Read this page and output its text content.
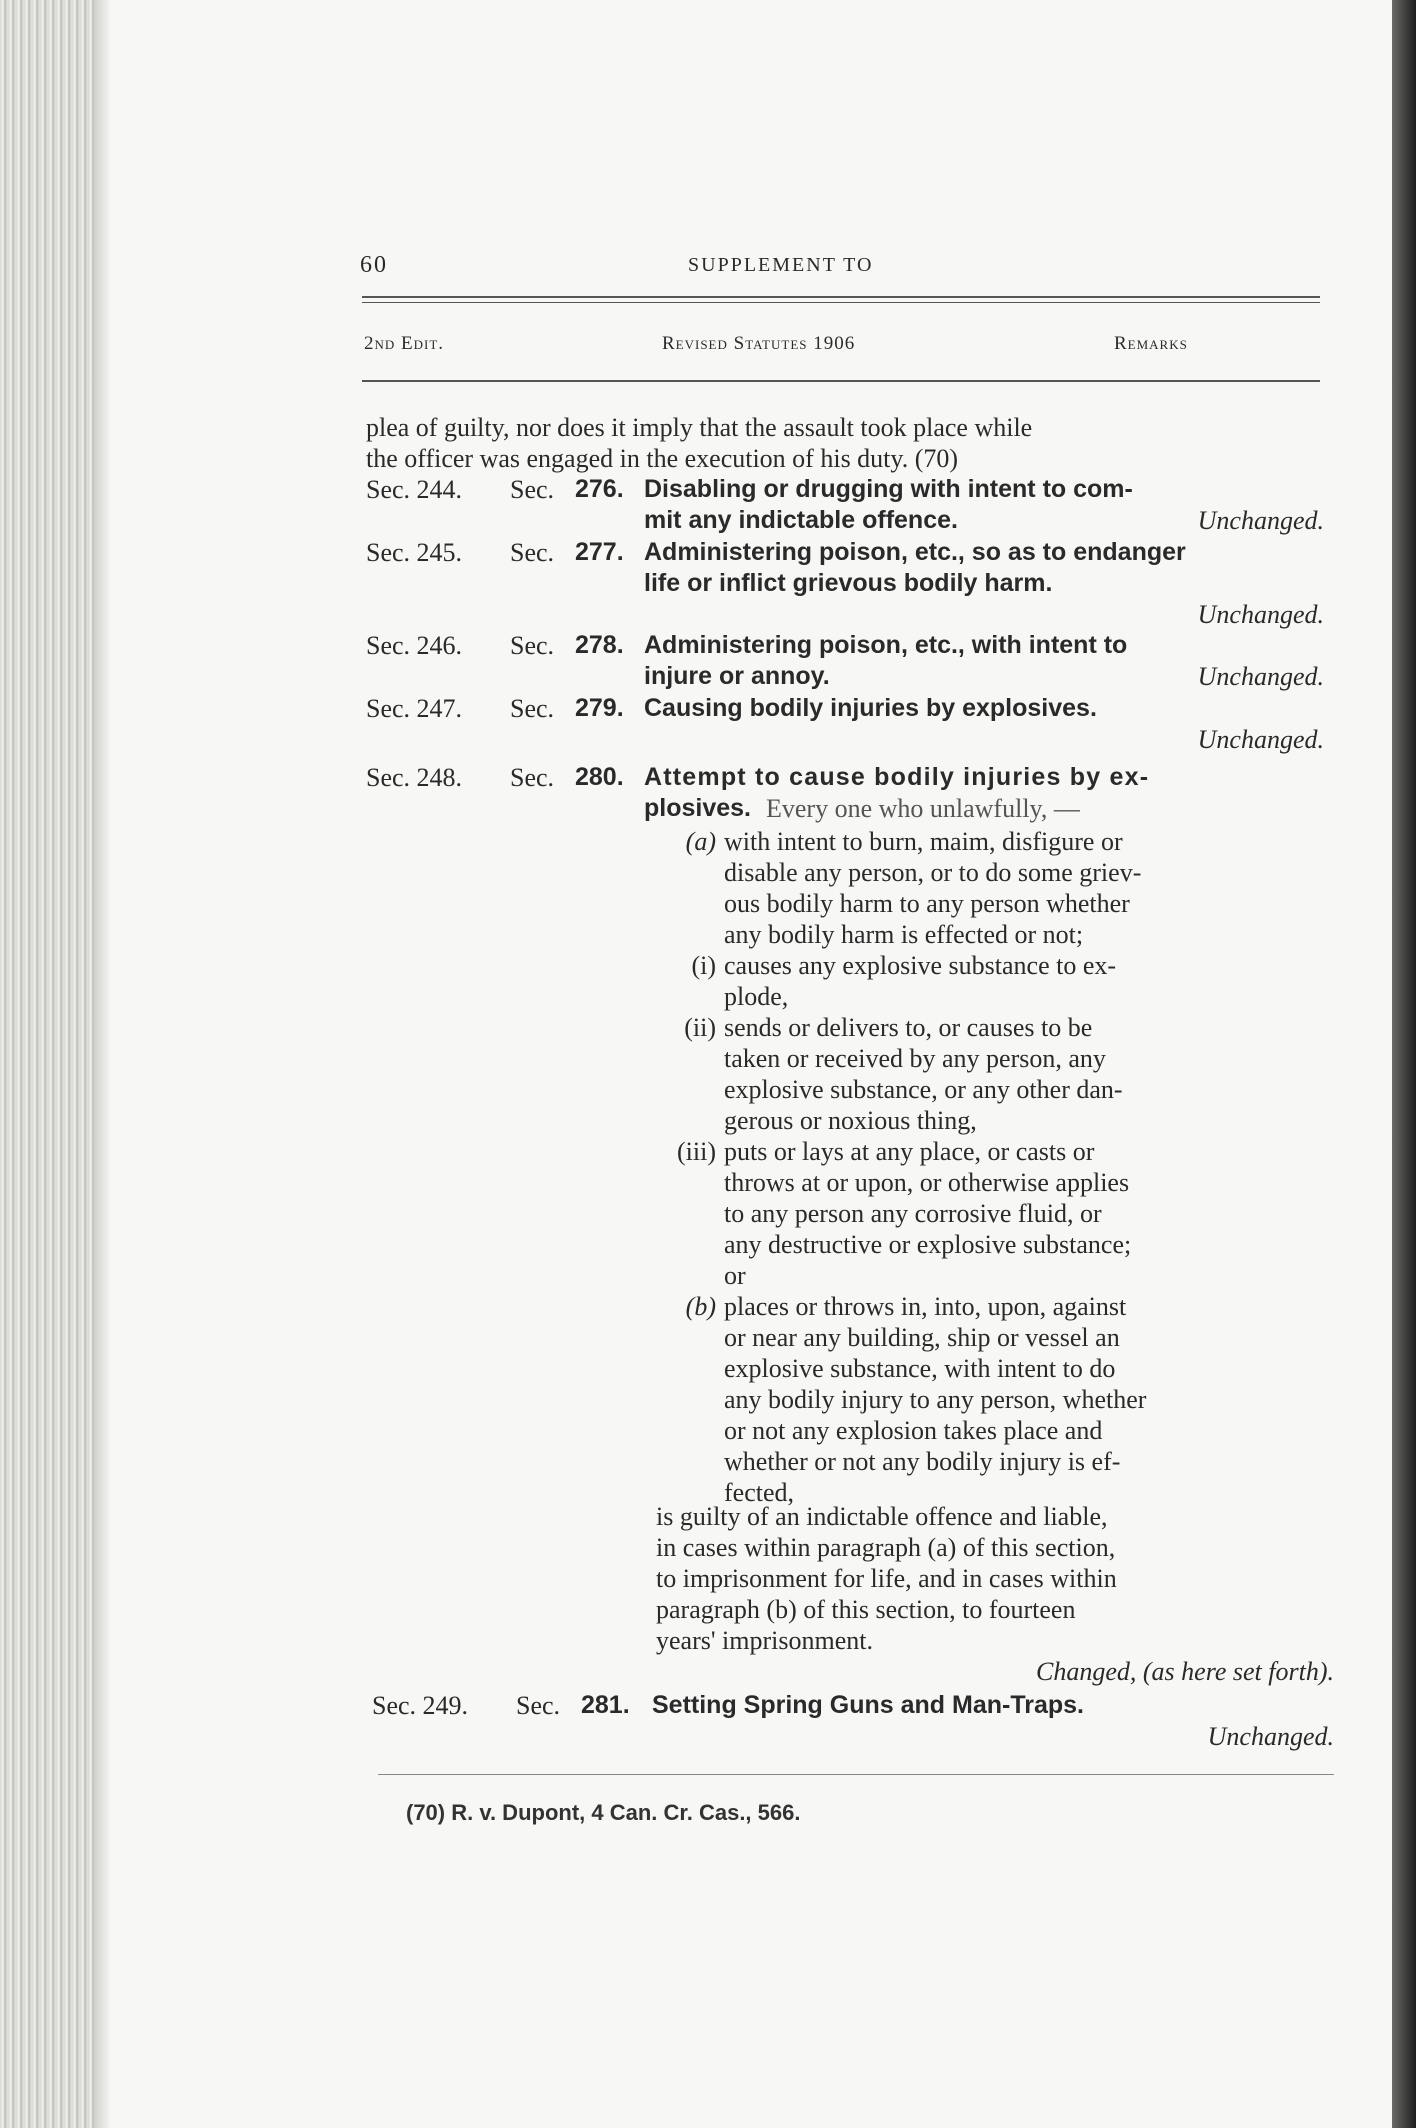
60	SUPPLEMENT TO
2nd Edit.	Revised Statutes 1906	Remarks
plea of guilty, nor does it imply that the assault took place while
the officer was engaged in the execution of his duty. (70)
Sec. 244. Sec. 276. Disabling or drugging with intent to com-
mit any indictable offence.	Unchanged.
Sec. 245. Sec. 277. Administering poison, etc., so as to endanger
life or inflict grievous bodily harm.
Unchanged.
Sec. 246. Sec. 278. Administering poison, etc., with intent to
injure or annoy.	Unchanged.
Sec. 247. Sec. 279. Causing bodily injuries by explosives.
Unchanged.
Sec. 248. Sec. 280. Attempt to cause bodily injuries by ex-
plosives. Every one who unlawfully, —
(a) with intent to burn, maim, disfigure or
disable any person, or to do some griev-
ous bodily harm to any person whether
any bodily harm is effected or not;
(i) causes any explosive substance to ex-
plode,
(ii) sends or delivers to, or causes to be
taken or received by any person, any
explosive substance, or any other dan-
gerous or noxious thing,
(iii) puts or lays at any place, or casts or
throws at or upon, or otherwise applies
to any person any corrosive fluid, or
any destructive or explosive substance;
or
(b) places or throws in, into, upon, against
or near any building, ship or vessel an
explosive substance, with intent to do
any bodily injury to any person, whether
or not any explosion takes place and
whether or not any bodily injury is ef-
fected,
is guilty of an indictable offence and liable,
in cases within paragraph (a) of this section,
to imprisonment for life, and in cases within
paragraph (b) of this section, to fourteen
years' imprisonment.
Changed, (as here set forth).
Sec. 249. Sec. 281. Setting Spring Guns and Man-Traps.
Unchanged.
(70) R. v. Dupont, 4 Can. Cr. Cas., 566.
